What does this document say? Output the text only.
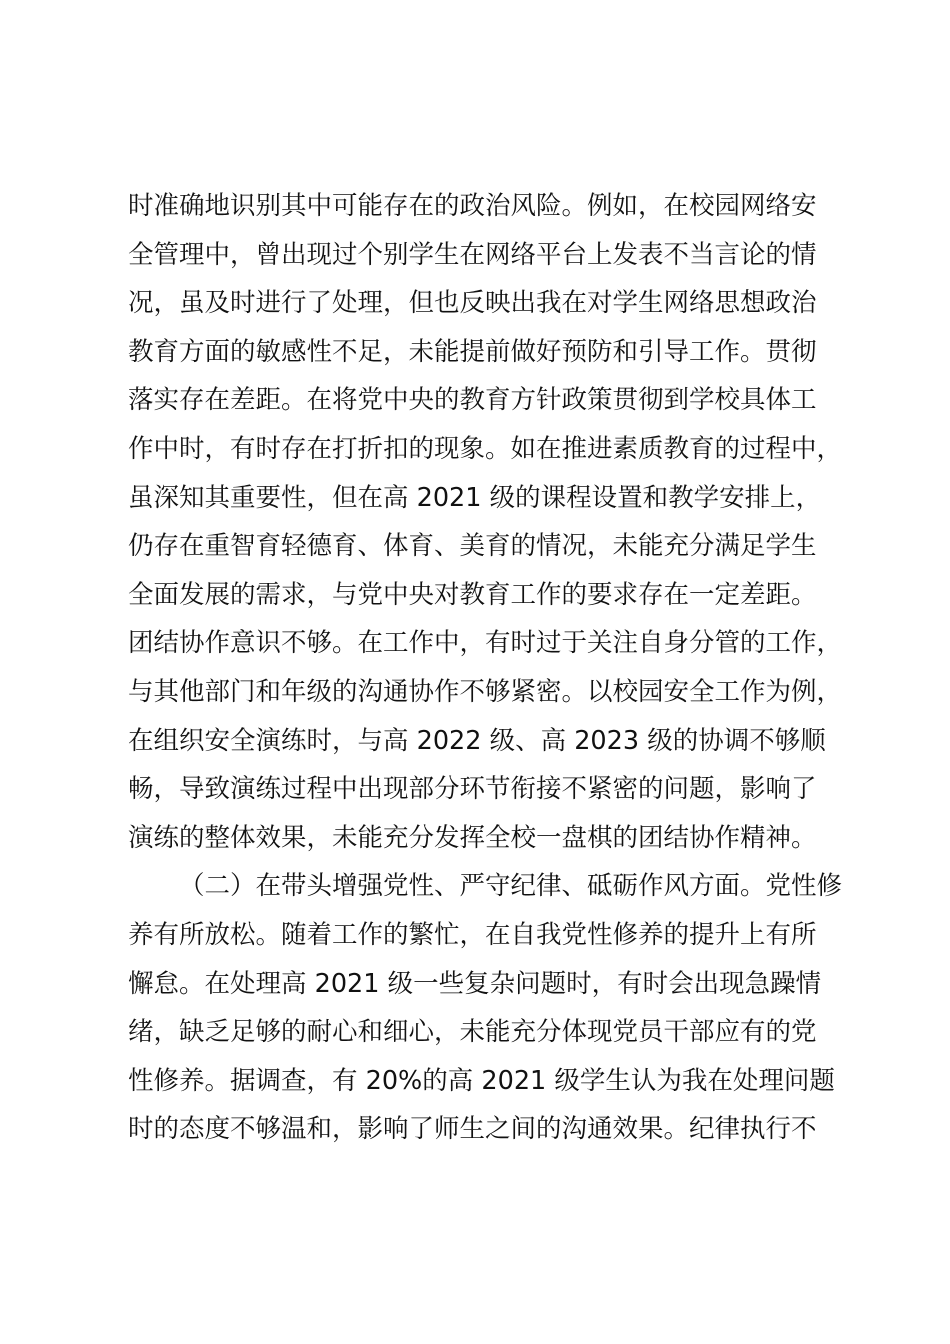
时准确地识别其中可能存在的政治风险。例如，在校园网络安
全管理中，曾出现过个别学生在网络平台上发表不当言论的情
况，虽及时进行了处理，但也反映出我在对学生网络思想政治
教育方面的敏感性不足，未能提前做好预防和引导工作。贯彻
落实存在差距。在将党中央的教育方针政策贯彻到学校具体工
作中时，有时存在打折扣的现象。如在推进素质教育的过程中，
虽深知其重要性，但在高 2021 级的课程设置和教学安排上，
仍存在重智育轻德育、体育、美育的情况，未能充分满足学生
全面发展的需求，与党中央对教育工作的要求存在一定差距。
团结协作意识不够。在工作中，有时过于关注自身分管的工作，
与其他部门和年级的沟通协作不够紧密。以校园安全工作为例，
在组织安全演练时，与高 2022 级、高 2023 级的协调不够顺
畅，导致演练过程中出现部分环节衔接不紧密的问题，影响了
演练的整体效果，未能充分发挥全校一盘棋的团结协作精神。
（二）在带头增强党性、严守纪律、砥砺作风方面。党性修
养有所放松。随着工作的繁忙，在自我党性修养的提升上有所
懈怠。在处理高 2021 级一些复杂问题时，有时会出现急躁情
绪，缺乏足够的耐心和细心，未能充分体现党员干部应有的党
性修养。据调查，有 20%的高 2021 级学生认为我在处理问题
时的态度不够温和，影响了师生之间的沟通效果。纪律执行不
